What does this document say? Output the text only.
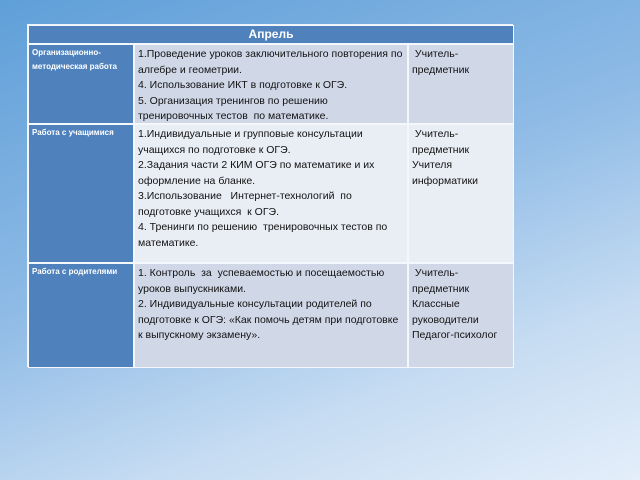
Апрель
Организационно-методическая работа
1.Проведение уроков заключительного повторения по алгебре и геометрии.
4. Использование ИКТ в подготовке к ОГЭ.
5. Организация тренингов по решению тренировочных тестов  по математике.
Учитель-предметник
Работа с учащимися	1.Индивидуальные и групповые консультации учащихся по подготовке к ОГЭ.
2.Задания части 2 КИМ ОГЭ по математике и их оформление на бланке.
3.Использование   Интернет-технологий  по подготовке учащихся  к ОГЭ.
4. Тренинги по решению  тренировочных тестов по математике.
Учитель-предметник
Учителя информатики
Работа с родителями	1. Контроль  за  успеваемостью и посещаемостью уроков выпускниками.
2. Индивидуальные консультации родителей по подготовке к ОГЭ: «Как помочь детям при подготовке к выпускному экзамену».
Учитель-предметник
Классные руководители
Педагог-психолог
